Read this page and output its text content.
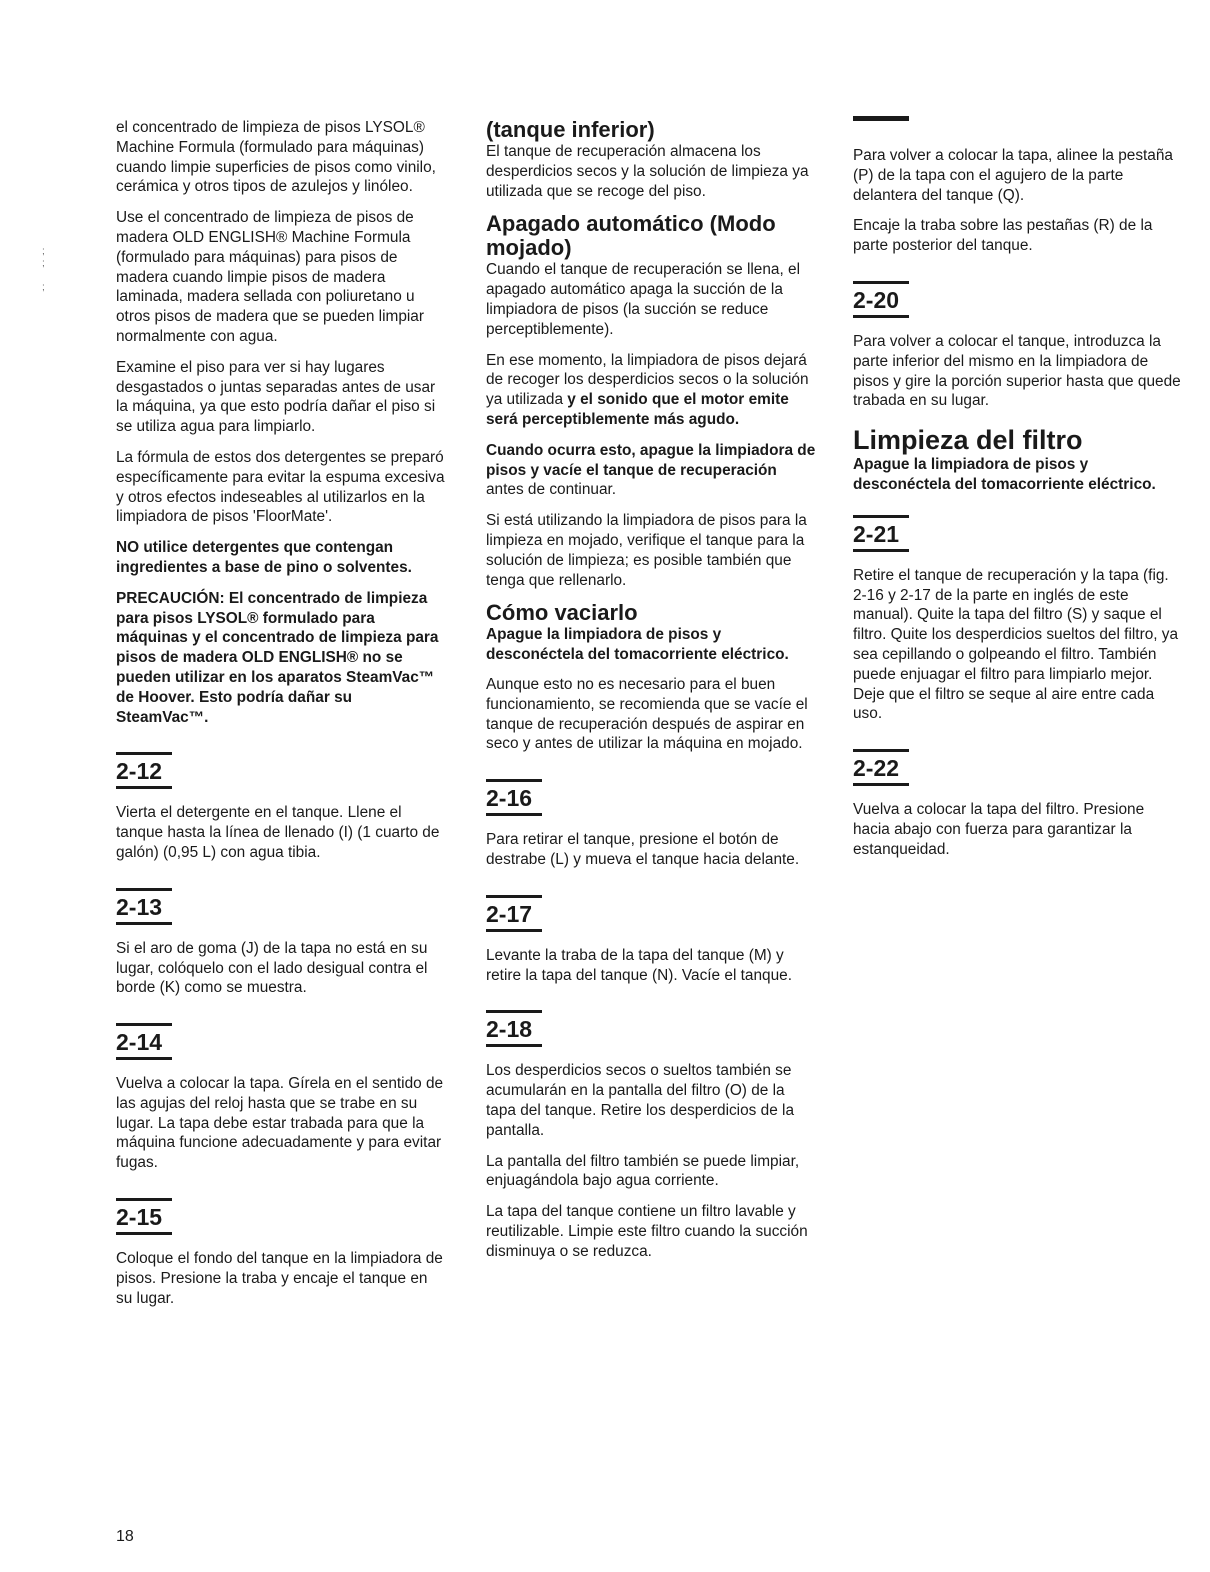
;
;

;

el concentrado de limpieza de pisos LYSOL® Machine Formula (formulado para máquinas) cuando limpie superficies de pisos como vinilo, cerámica y otros tipos de azulejos y linóleo.

Use el concentrado de limpieza de pisos de madera OLD ENGLISH® Machine Formula (formulado para máquinas) para pisos de madera cuando limpie pisos de madera laminada, madera sellada con poliuretano u otros pisos de madera que se pueden limpiar normalmente con agua.

Examine el piso para ver si hay lugares desgastados o juntas separadas antes de usar la máquina, ya que esto podría dañar el piso si se utiliza agua para limpiarlo.

La fórmula de estos dos detergentes se preparó específicamente para evitar la espuma excesiva y otros efectos indeseables al utilizarlos en la limpiadora de pisos 'FloorMate'.

NO utilice detergentes que contengan ingredientes a base de pino o solventes.

PRECAUCIÓN: El concentrado de limpieza para pisos LYSOL® formulado para máquinas y el concentrado de limpieza para pisos de madera OLD ENGLISH® no se pueden utilizar en los aparatos SteamVac™ de Hoover. Esto podría dañar su SteamVac™.

2-12

Vierta el detergente en el tanque. Llene el tanque hasta la línea de llenado (I) (1 cuarto de galón) (0,95 L) con agua tibia.

2-13

Si el aro de goma (J) de la tapa no está en su lugar, colóquelo con el lado desigual contra el borde (K) como se muestra.

2-14

Vuelva a colocar la tapa. Gírela en el sentido de las agujas del reloj hasta que se trabe en su lugar. La tapa debe estar trabada para que la máquina funcione adecuadamente y para evitar fugas.

2-15

Coloque el fondo del tanque en la limpiadora de pisos. Presione la traba y encaje el tanque en su lugar.

(tanque inferior)

El tanque de recuperación almacena los desperdicios secos y la solución de limpieza ya utilizada que se recoge del piso.

Apagado automático (Modo mojado)

Cuando el tanque de recuperación se llena, el apagado automático apaga la succión de la limpiadora de pisos (la succión se reduce perceptiblemente).

En ese momento, la limpiadora de pisos dejará de recoger los desperdicios secos o la solución ya utilizada y el sonido que el motor emite será perceptiblemente más agudo.

Cuando ocurra esto, apague la limpiadora de pisos y vacíe el tanque de recuperación antes de continuar.

Si está utilizando la limpiadora de pisos para la limpieza en mojado, verifique el tanque para la solución de limpieza; es posible también que tenga que rellenarlo.

Cómo vaciarlo

Apague la limpiadora de pisos y desconéctela del tomacorriente eléctrico.

Aunque esto no es necesario para el buen funcionamiento, se recomienda que se vacíe el tanque de recuperación después de aspirar en seco y antes de utilizar la máquina en mojado.

2-16

Para retirar el tanque, presione el botón de destrabe (L) y mueva el tanque hacia delante.

2-17

Levante la traba de la tapa del tanque (M) y retire la tapa del tanque (N). Vacíe el tanque.

2-18

Los desperdicios secos o sueltos también se acumularán en la pantalla del filtro (O) de la tapa del tanque. Retire los desperdicios de la pantalla.

La pantalla del filtro también se puede limpiar, enjuagándola bajo agua corriente.

La tapa del tanque contiene un filtro lavable y reutilizable. Limpie este filtro cuando la succión disminuya o se reduzca.

Para volver a colocar la tapa, alinee la pestaña (P) de la tapa con el agujero de la parte delantera del tanque (Q).

Encaje la traba sobre las pestañas (R) de la parte posterior del tanque.

2-20

Para volver a colocar el tanque, introduzca la parte inferior del mismo en la limpiadora de pisos y gire la porción superior hasta que quede trabada en su lugar.

Limpieza del filtro

Apague la limpiadora de pisos y desconéctela del tomacorriente eléctrico.

2-21

Retire el tanque de recuperación y la tapa (fig. 2-16 y 2-17 de la parte en inglés de este manual). Quite la tapa del filtro (S) y saque el filtro. Quite los desperdicios sueltos del filtro, ya sea cepillando o golpeando el filtro. También puede enjuagar el filtro para limpiarlo mejor. Deje que el filtro se seque al aire entre cada uso.

2-22

Vuelva a colocar la tapa del filtro. Presione hacia abajo con fuerza para garantizar la estanqueidad.

18
